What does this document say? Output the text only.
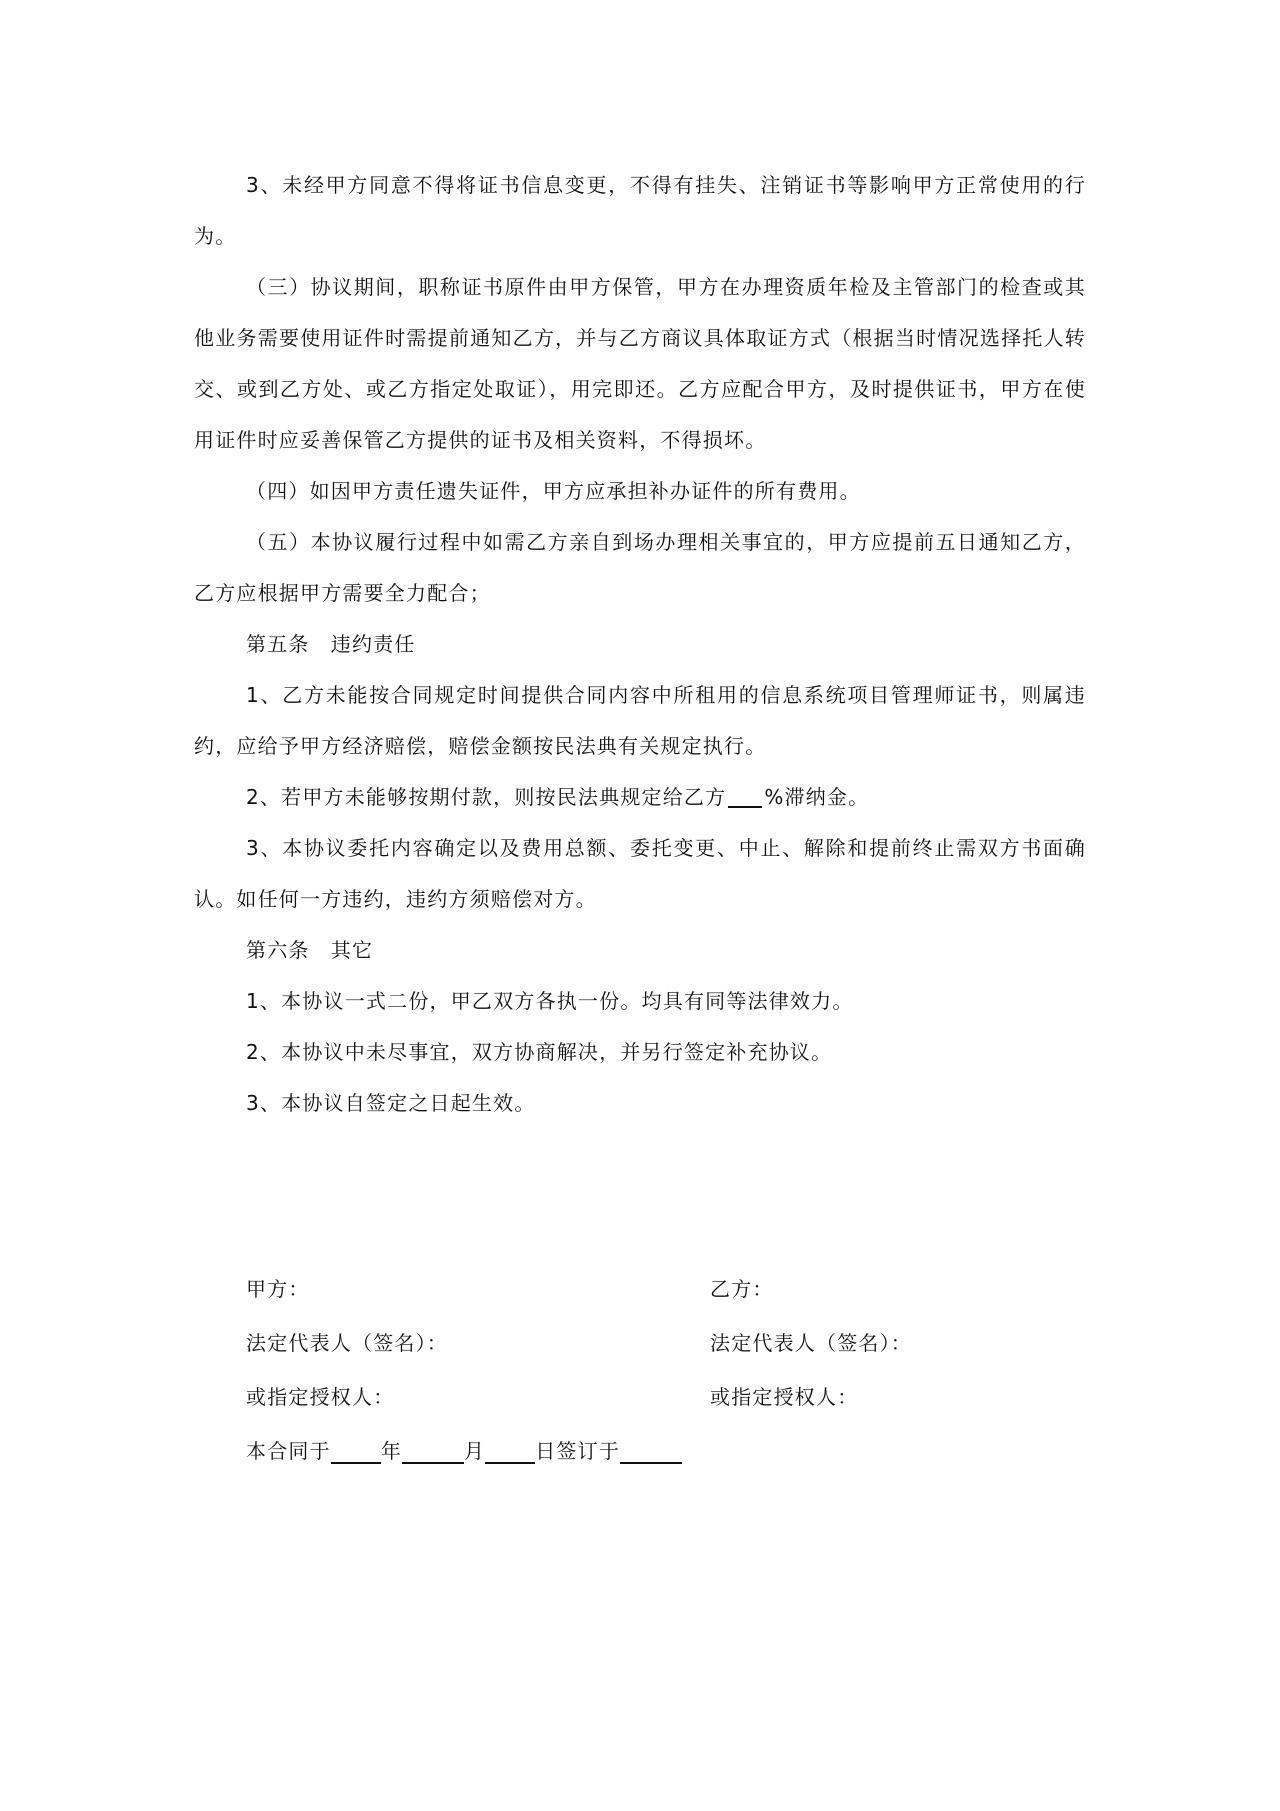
3、未经甲方同意不得将证书信息变更，不得有挂失、注销证书等影响甲方正常使用的行为。

（三）协议期间，职称证书原件由甲方保管，甲方在办理资质年检及主管部门的检查或其他业务需要使用证件时需提前通知乙方，并与乙方商议具体取证方式（根据当时情况选择托人转交、或到乙方处、或乙方指定处取证），用完即还。乙方应配合甲方，及时提供证书，甲方在使用证件时应妥善保管乙方提供的证书及相关资料，不得损坏。

（四）如因甲方责任遗失证件，甲方应承担补办证件的所有费用。

（五）本协议履行过程中如需乙方亲自到场办理相关事宜的，甲方应提前五日通知乙方，乙方应根据甲方需要全力配合；

第五条　违约责任

1、乙方未能按合同规定时间提供合同内容中所租用的信息系统项目管理师证书，则属违约，应给予甲方经济赔偿，赔偿金额按民法典有关规定执行。

2、若甲方未能够按期付款，则按民法典规定给乙方 %滞纳金。

3、本协议委托内容确定以及费用总额、委托变更、中止、解除和提前终止需双方书面确认。如任何一方违约，违约方须赔偿对方。

第六条　其它

1、本协议一式二份，甲乙双方各执一份。均具有同等法律效力。

2、本协议中未尽事宜，双方协商解决，并另行签定补充协议。

3、本协议自签定之日起生效。

甲方：

法定代表人（签名）：

或指定授权人：

乙方：

法定代表人（签名）：

或指定授权人：

本合同于	年	月	日签订于
